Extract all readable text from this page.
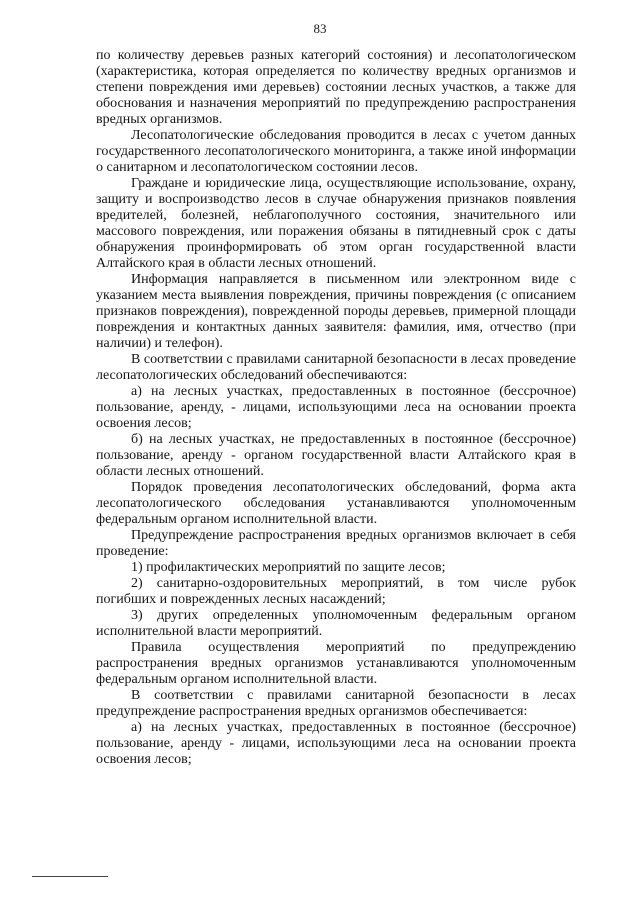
83

по количеству деревьев разных категорий состояния) и лесопатологическом (характеристика, которая определяется по количеству вредных организмов и степени повреждения ими деревьев) состоянии лесных участков, а также для обоснования и назначения мероприятий по предупреждению распространения вредных организмов.

Лесопатологические обследования проводится в лесах с учетом данных государственного лесопатологического мониторинга, а также иной информации о санитарном и лесопатологическом состоянии лесов.

Граждане и юридические лица, осуществляющие использование, охрану, защиту и воспроизводство лесов в случае обнаружения признаков появления вредителей, болезней, неблагополучного состояния, значительного или массового повреждения, или поражения обязаны в пятидневный срок с даты обнаружения проинформировать об этом орган государственной власти Алтайского края в области лесных отношений.

Информация направляется в письменном или электронном виде с указанием места выявления повреждения, причины повреждения (с описанием признаков повреждения), поврежденной породы деревьев, примерной площади повреждения и контактных данных заявителя: фамилия, имя, отчество (при наличии) и телефон).

В соответствии с правилами санитарной безопасности в лесах проведение лесопатологических обследований обеспечиваются:

а) на лесных участках, предоставленных в постоянное (бессрочное) пользование, аренду, - лицами, использующими леса на основании проекта освоения лесов;

б) на лесных участках, не предоставленных в постоянное (бессрочное) пользование, аренду - органом государственной власти Алтайского края в области лесных отношений.

Порядок проведения лесопатологических обследований, форма акта лесопатологического обследования устанавливаются уполномоченным федеральным органом исполнительной власти.

Предупреждение распространения вредных организмов включает в себя проведение:

1) профилактических мероприятий по защите лесов;

2) санитарно-оздоровительных мероприятий, в том числе рубок погибших и поврежденных лесных насаждений;

3) других определенных уполномоченным федеральным органом исполнительной власти мероприятий.

Правила осуществления мероприятий по предупреждению распространения вредных организмов устанавливаются уполномоченным федеральным органом исполнительной власти.

В соответствии с правилами санитарной безопасности в лесах предупреждение распространения вредных организмов обеспечивается:

а) на лесных участках, предоставленных в постоянное (бессрочное) пользование, аренду - лицами, использующими леса на основании проекта освоения лесов;
